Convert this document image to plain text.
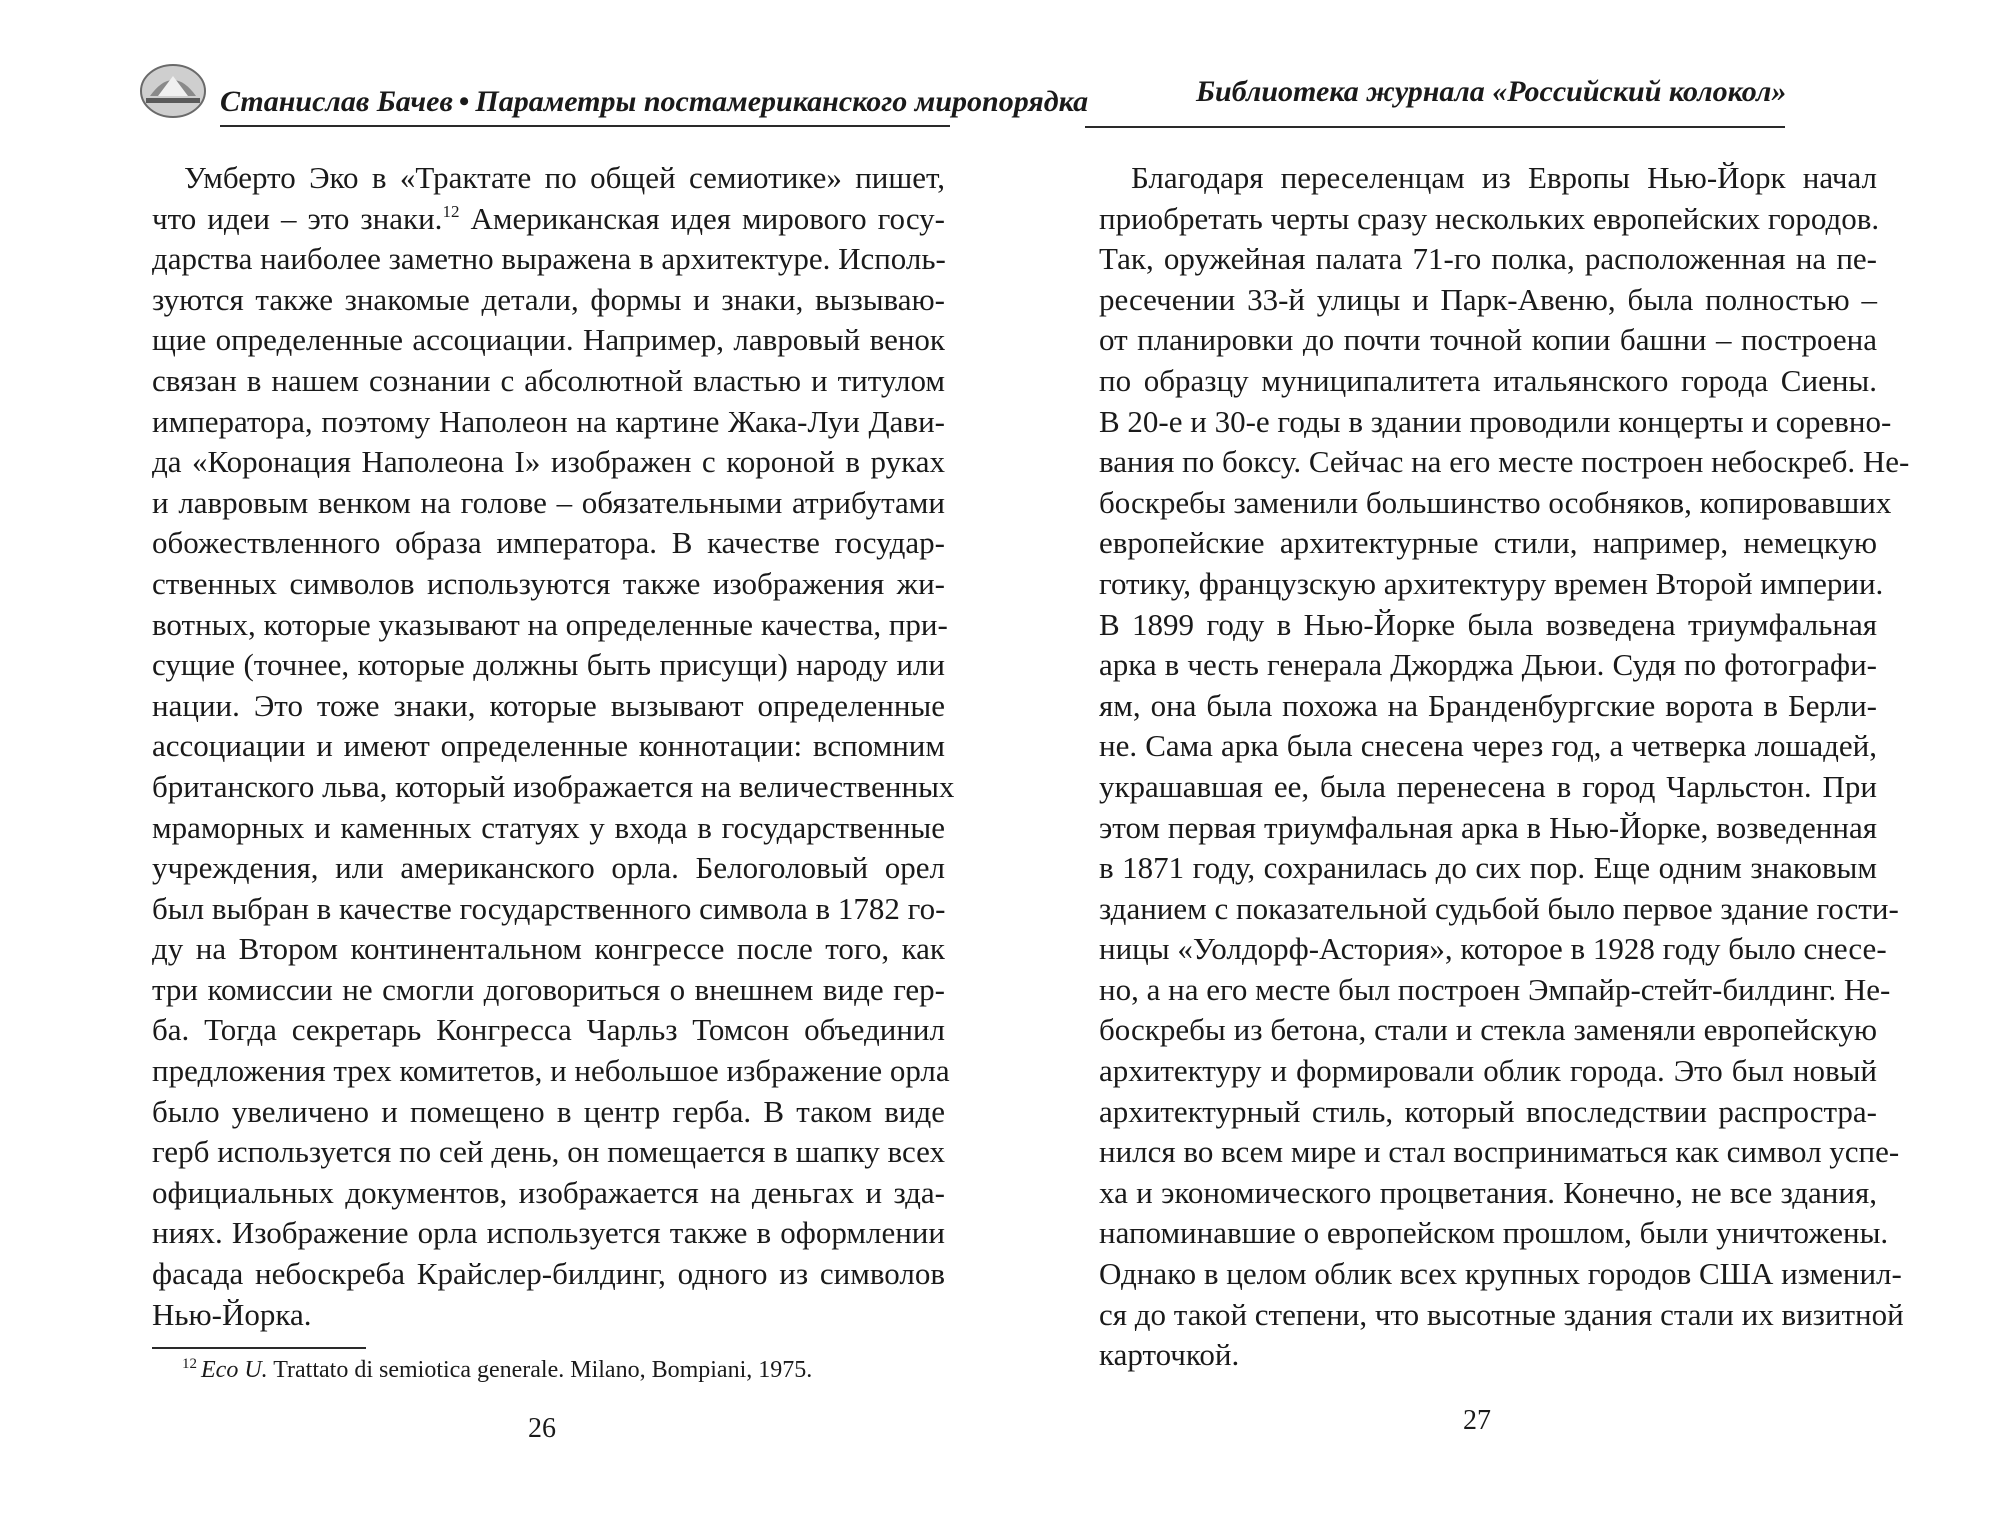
Станислав Бачев • Параметры постамериканского миропорядка
Умберто Эко в «Трактате по общей семиотике» пишет,
что идеи – это знаки.$^{12}$ Американская идея мирового госу-
дарства наиболее заметно выражена в архитектуре. Исполь-
зуются также знакомые детали, формы и знаки, вызываю-
щие определенные ассоциации. Например, лавровый венок
связан в нашем сознании с абсолютной властью и титулом
императора, поэтому Наполеон на картине Жака-Луи Дави-
да «Коронация Наполеона I» изображен с короной в руках
и лавровым венком на голове – обязательными атрибутами
обожествленного образа императора. В качестве государ-
ственных символов используются также изображения жи-
вотных, которые указывают на определенные качества, при-
сущие (точнее, которые должны быть присущи) народу или
нации. Это тоже знаки, которые вызывают определенные
ассоциации и имеют определенные коннотации: вспомним
британского льва, который изображается на величественных
мраморных и каменных статуях у входа в государственные
учреждения, или американского орла. Белоголовый орел
был выбран в качестве государственного символа в 1782 го-
ду на Втором континентальном конгрессе после того, как
три комиссии не смогли договориться о внешнем виде гер-
ба. Тогда секретарь Конгресса Чарльз Томсон объединил
предложения трех комитетов, и небольшое избражение орла
было увеличено и помещено в центр герба. В таком виде
герб используется по сей день, он помещается в шапку всех
официальных документов, изображается на деньгах и зда-
ниях. Изображение орла используется также в оформлении
фасада небоскреба Крайслер-билдинг, одного из символов
Нью-Йорка.
$^{12}$ Eco U. Trattato di semiotica generale. Milano, Bompiani, 1975.
26
Библиотека журнала «Российский колокол»
Благодаря переселенцам из Европы Нью-Йорк начал
приобретать черты сразу нескольких европейских городов.
Так, оружейная палата 71-го полка, расположенная на пе-
ресечении 33-й улицы и Парк-Авеню, была полностью –
от планировки до почти точной копии башни – построена
по образцу муниципалитета итальянского города Сиены.
В 20-е и 30-е годы в здании проводили концерты и соревно-
вания по боксу. Сейчас на его месте построен небоскреб. Не-
боскребы заменили большинство особняков, копировавших
европейские архитектурные стили, например, немецкую
готику, французскую архитектуру времен Второй империи.
В 1899 году в Нью-Йорке была возведена триумфальная
арка в честь генерала Джорджа Дьюи. Судя по фотографи-
ям, она была похожа на Бранденбургские ворота в Берли-
не. Сама арка была снесена через год, а четверка лошадей,
украшавшая ее, была перенесена в город Чарльстон. При
этом первая триумфальная арка в Нью-Йорке, возведенная
в 1871 году, сохранилась до сих пор. Еще одним знаковым
зданием с показательной судьбой было первое здание гости-
ницы «Уолдорф-Астория», которое в 1928 году было снесе-
но, а на его месте был построен Эмпайр-стейт-билдинг. Не-
боскребы из бетона, стали и стекла заменяли европейскую
архитектуру и формировали облик города. Это был новый
архитектурный стиль, который впоследствии распростра-
нился во всем мире и стал восприниматься как символ успе-
ха и экономического процветания. Конечно, не все здания,
напоминавшие о европейском прошлом, были уничтожены.
Однако в целом облик всех крупных городов США изменил-
ся до такой степени, что высотные здания стали их визитной
карточкой.
27
